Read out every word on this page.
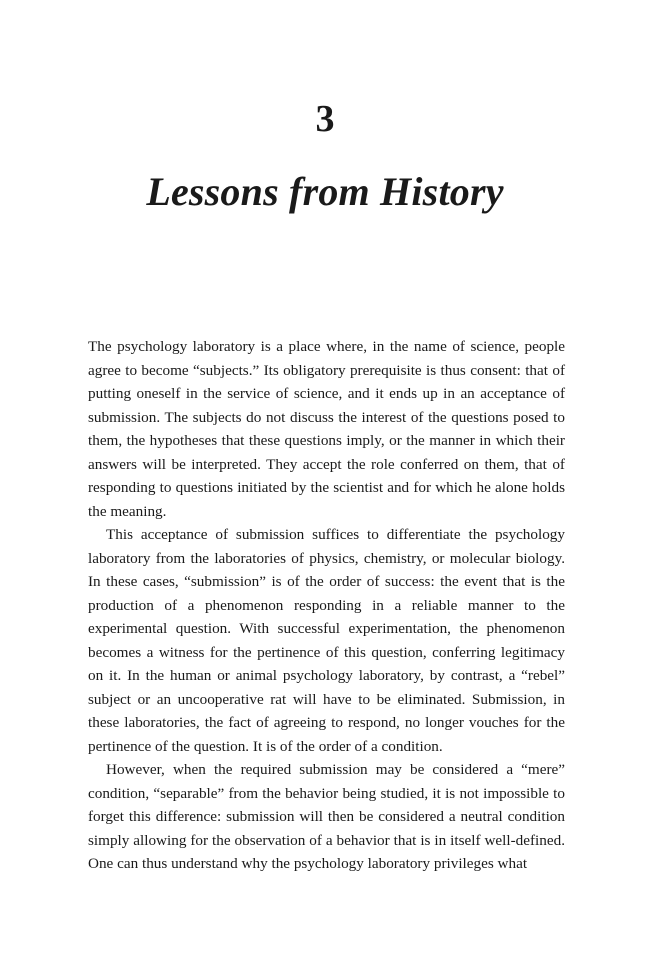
3
Lessons from History

The psychology laboratory is a place where, in the name of science, people agree to become “subjects.” Its obligatory prerequisite is thus consent: that of putting oneself in the service of science, and it ends up in an acceptance of submission. The subjects do not discuss the interest of the questions posed to them, the hypotheses that these questions imply, or the manner in which their answers will be interpreted. They accept the role conferred on them, that of responding to questions initiated by the scientist and for which he alone holds the meaning.

This acceptance of submission suffices to differentiate the psychology laboratory from the laboratories of physics, chemistry, or molecular biology. In these cases, “submission” is of the order of success: the event that is the production of a phenomenon responding in a reliable manner to the experimental question. With successful experimentation, the phenomenon becomes a witness for the pertinence of this question, conferring legitimacy on it. In the human or animal psychology laboratory, by contrast, a “rebel” subject or an uncooperative rat will have to be eliminated. Submission, in these laboratories, the fact of agreeing to respond, no longer vouches for the pertinence of the question. It is of the order of a condition.

However, when the required submission may be considered a “mere” condition, “separable” from the behavior being studied, it is not impossible to forget this difference: submission will then be considered a neutral condition simply allowing for the observation of a behavior that is in itself well-defined. One can thus understand why the psychology laboratory privileges what
